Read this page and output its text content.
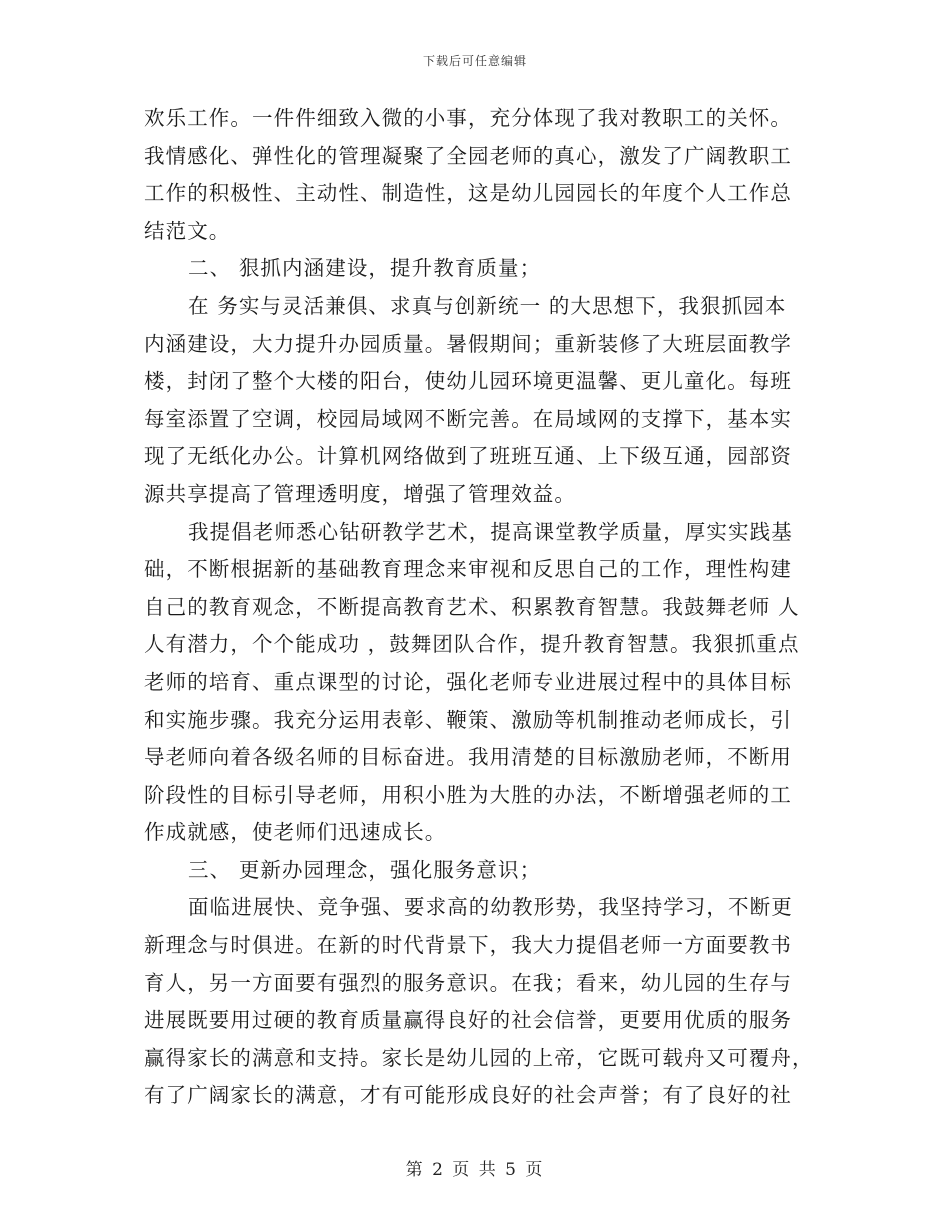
下载后可任意编辑

欢乐工作。一件件细致入微的小事，充分体现了我对教职工的关怀。
我情感化、弹性化的管理凝聚了全园老师的真心，激发了广阔教职工
工作的积极性、主动性、制造性，这是幼儿园园长的年度个人工作总
结范文。
二、 狠抓内涵建设，提升教育质量；
在 务实与灵活兼俱、求真与创新统一 的大思想下，我狠抓园本
内涵建设，大力提升办园质量。暑假期间；重新装修了大班层面教学
楼，封闭了整个大楼的阳台，使幼儿园环境更温馨、更儿童化。每班
每室添置了空调，校园局域网不断完善。在局域网的支撑下，基本实
现了无纸化办公。计算机网络做到了班班互通、上下级互通，园部资
源共享提高了管理透明度，增强了管理效益。
我提倡老师悉心钻研教学艺术，提高课堂教学质量，厚实实践基
础，不断根据新的基础教育理念来审视和反思自己的工作，理性构建
自己的教育观念，不断提高教育艺术、积累教育智慧。我鼓舞老师 人
人有潜力，个个能成功 ，鼓舞团队合作，提升教育智慧。我狠抓重点
老师的培育、重点课型的讨论，强化老师专业进展过程中的具体目标
和实施步骤。我充分运用表彰、鞭策、激励等机制推动老师成长，引
导老师向着各级名师的目标奋进。我用清楚的目标激励老师，不断用
阶段性的目标引导老师，用积小胜为大胜的办法，不断增强老师的工
作成就感，使老师们迅速成长。
三、 更新办园理念，强化服务意识；
面临进展快、竞争强、要求高的幼教形势，我坚持学习，不断更
新理念与时俱进。在新的时代背景下，我大力提倡老师一方面要教书
育人，另一方面要有强烈的服务意识。在我；看来，幼儿园的生存与
进展既要用过硬的教育质量赢得良好的社会信誉，更要用优质的服务
赢得家长的满意和支持。家长是幼儿园的上帝，它既可载舟又可覆舟，
有了广阔家长的满意，才有可能形成良好的社会声誉；有了良好的社

第 2 页 共 5 页
